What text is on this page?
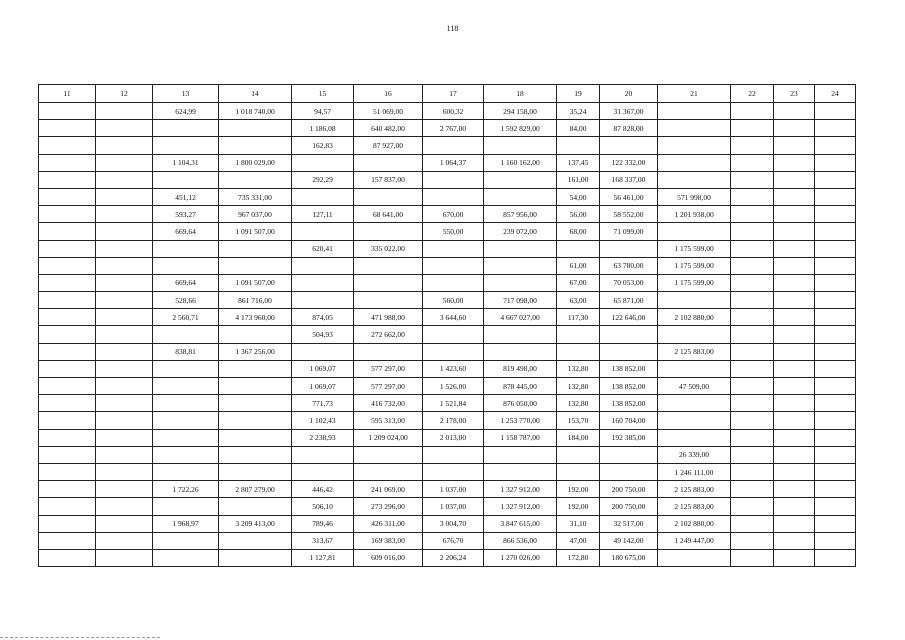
118
11	12	13	14	15	16	17	18	19	20	21	22	23	24
		624,99	1 018 740,00	94,57	51 069,00	600,32	294 158,00	35,24	31 367,00				
				1 186,08	640 482,00	2 767,00	1 592 829,00	84,00	87 828,00				
				162,83	87 927,00								
		1 104,31	1 800 029,00			1 064,37	1 160 162,00	137,45	122 332,00				
				292,29	157 837,00			161,00	168 337,00				
		451,12	735 331,00					54,00	56 461,00	571 998,00			
		593,27	967 037,00	127,11	68 641,00	670,00	857 956,00	56,00	58 552,00	1 201 938,00			
		669,64	1 091 507,00			550,00	239 072,00	68,00	71 099,00				
				620,41	335 022,00					1 175 599,00			
								61,00	63 780,00	1 175 599,00			
		669,64	1 091 507,00					67,00	70 053,00	1 175 599,00			
		528,66	861 716,00			560,00	717 098,00	63,00	65 871,00				
		2 560,71	4 173 960,00	874,05	471 988,00	3 644,60	4 667 027,00	117,30	122 646,00	2 102 880,00			
				504,93	272 662,00								
		838,81	1 367 256,00							2 125 883,00			
				1 069,07	577 297,00	1 423,60	819 498,00	132,80	138 852,00				
				1 069,07	577 297,00	1 526,00	878 445,00	132,80	138 852,00	47 509,00			
				771,73	416 732,00	1 521,84	876 050,00	132,80	138 852,00				
				1 102,43	595 313,00	2 178,00	1 253 770,00	153,70	160 704,00				
				2 238,93	1 209 024,00	2 013,00	1 158 787,00	184,00	192 385,00				
										26 339,00			
										1 246 111,00			
		1 722,26	2 807 279,00	446,42	241 069,00	1 037,00	1 327 912,00	192,00	200 750,00	2 125 883,00			
				506,10	273 296,00	1 037,00	1 327 912,00	192,00	200 750,00	2 125 883,00			
		1 968,97	3 209 413,00	789,46	426 311,00	3 004,70	3 847 615,00	31,10	32 517,00	2 102 880,00			
				313,67	169 383,00	676,70	866 536,00	47,00	49 142,00	1 249 447,00			
				1 127,81	609 016,00	2 206,24	1 270 026,00	172,80	180 675,00				
